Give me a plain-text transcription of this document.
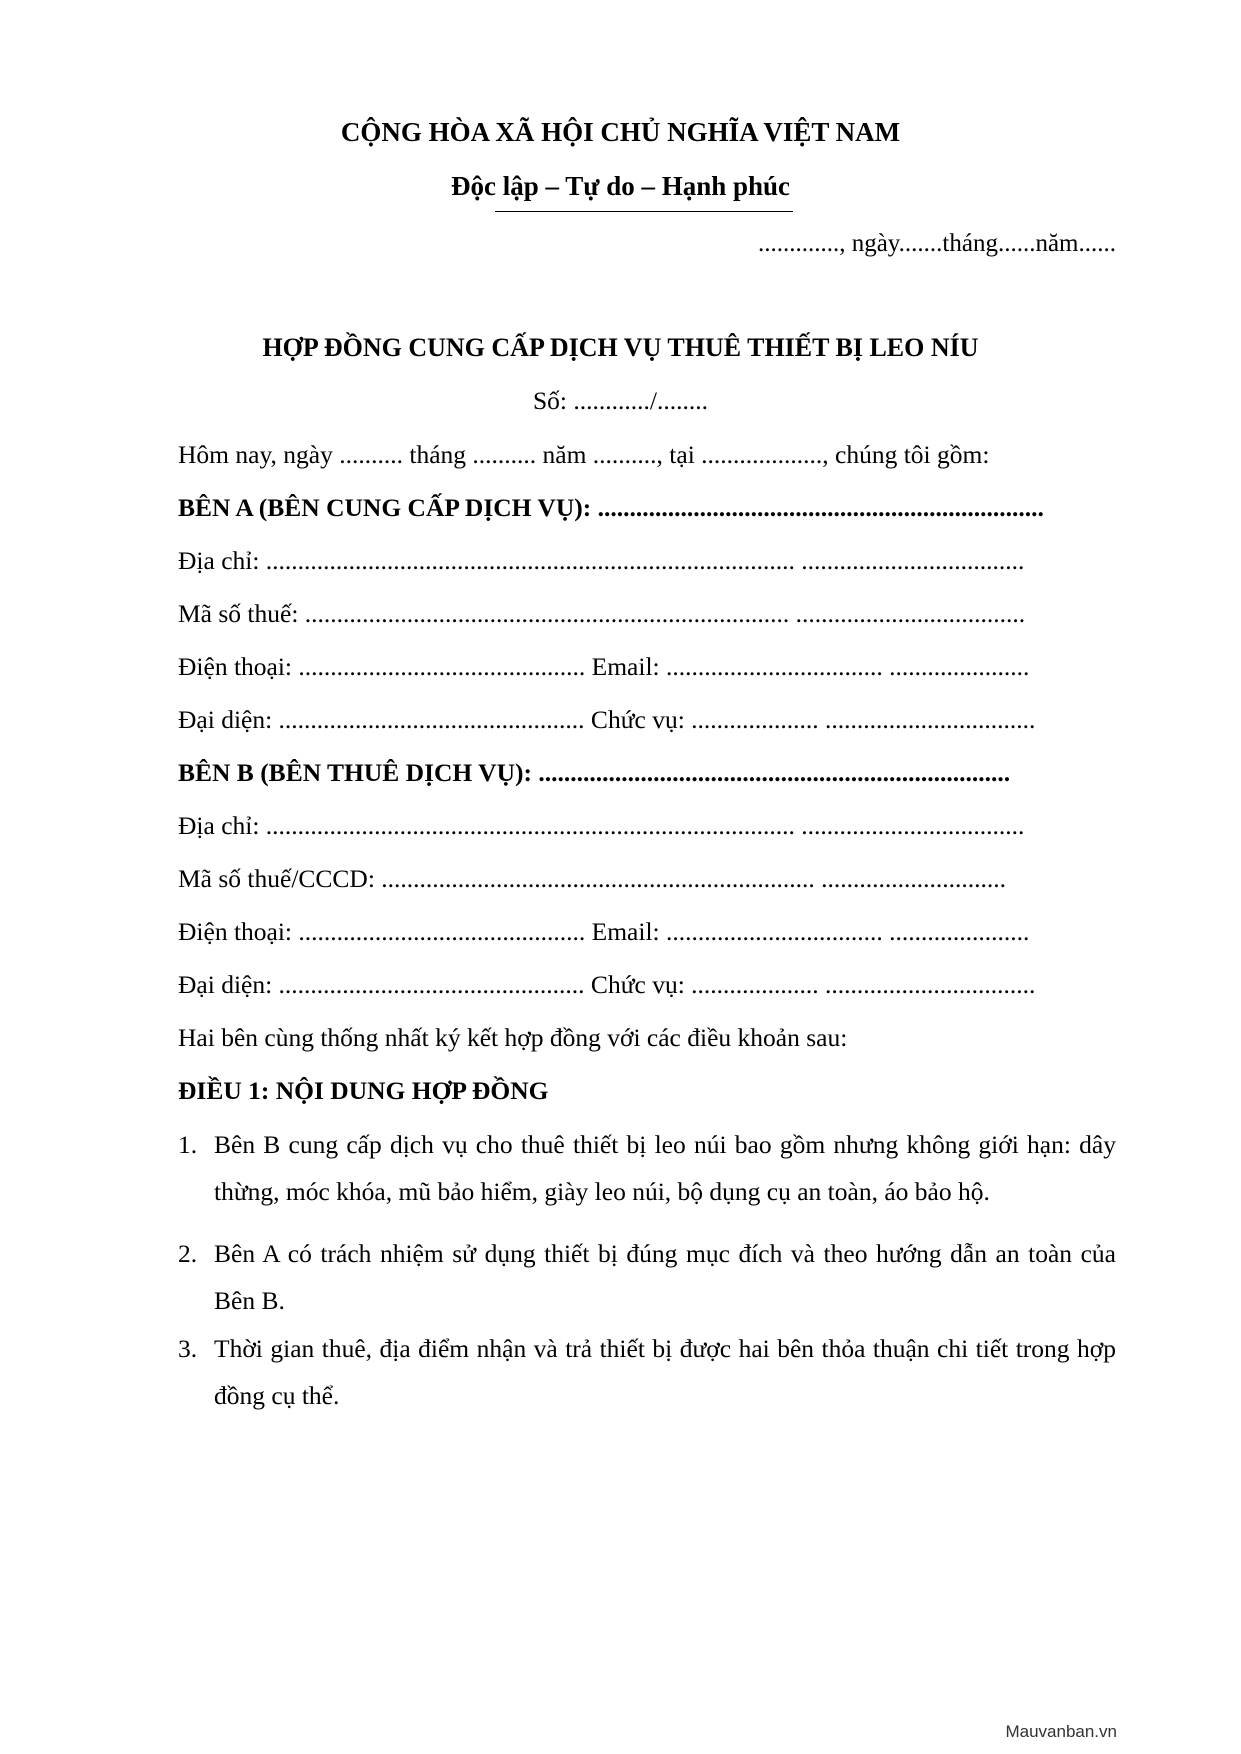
CỘNG HÒA XÃ HỘI CHỦ NGHĨA VIỆT NAM
Độc lập – Tự do – Hạnh phúc
............., ngày.......tháng......năm......
HỢP ĐỒNG CUNG CẤP DỊCH VỤ THUÊ THIẾT BỊ LEO NÍU
Số: ............/........
Hôm nay, ngày .......... tháng .......... năm .........., tại ..................., chúng tôi gồm:
BÊN A (BÊN CUNG CẤP DỊCH VỤ): ......................................................................
Địa chỉ: ................................................................................... ...................................
Mã số thuế: ............................................................................ ....................................
Điện thoại: ............................................. Email: .................................. ......................
Đại diện: ................................................ Chức vụ: .................... .................................
BÊN B (BÊN THUÊ DỊCH VỤ): ..........................................................................
Địa chỉ: ................................................................................... ...................................
Mã số thuế/CCCD: .................................................................... .............................
Điện thoại: ............................................. Email: .................................. ......................
Đại diện: ................................................ Chức vụ: .................... .................................
Hai bên cùng thống nhất ký kết hợp đồng với các điều khoản sau:
ĐIỀU 1: NỘI DUNG HỢP ĐỒNG
1. Bên B cung cấp dịch vụ cho thuê thiết bị leo núi bao gồm nhưng không giới hạn: dây thừng, móc khóa, mũ bảo hiểm, giày leo núi, bộ dụng cụ an toàn, áo bảo hộ.
2. Bên A có trách nhiệm sử dụng thiết bị đúng mục đích và theo hướng dẫn an toàn của Bên B.
3. Thời gian thuê, địa điểm nhận và trả thiết bị được hai bên thỏa thuận chi tiết trong hợp đồng cụ thể.
Mauvanban.vn
